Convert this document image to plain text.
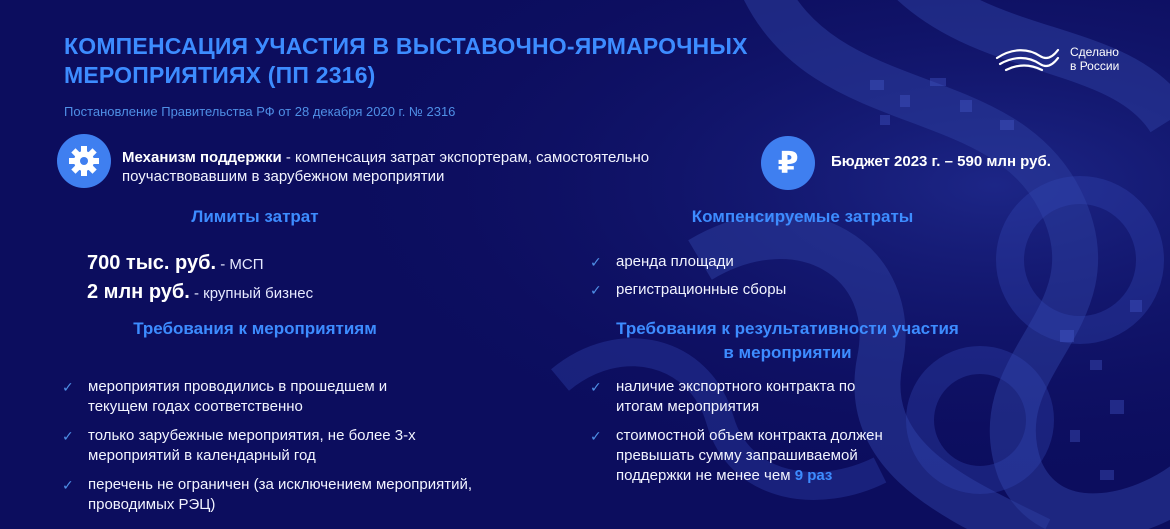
КОМПЕНСАЦИЯ УЧАСТИЯ В ВЫСТАВОЧНО-ЯРМАРОЧНЫХ МЕРОПРИЯТИЯХ (ПП 2316)
Постановление Правительства РФ от 28 декабря 2020 г. № 2316
Сделано
в России
Механизм поддержки - компенсация затрат экспортерам, самостоятельно поучаствовавшим в зарубежном мероприятии	₽ Бюджет 2023 г. – 590 млн руб.
Лимиты затрат
700 тыс. руб. - МСП
2 млн руб. - крупный бизнес
Компенсируемые затраты
✓ аренда площади
✓ регистрационные сборы
Требования к мероприятиям
✓ мероприятия проводились в прошедшем и текущем годах соответственно
✓ только зарубежные мероприятия, не более 3-х мероприятий в календарный год
✓ перечень не ограничен (за исключением мероприятий, проводимых РЭЦ)
Требования к результативности участия
в мероприятии
✓ наличие экспортного контракта по итогам мероприятия
✓ стоимостной объем контракта должен превышать сумму запрашиваемой поддержки не менее чем 9 раз
